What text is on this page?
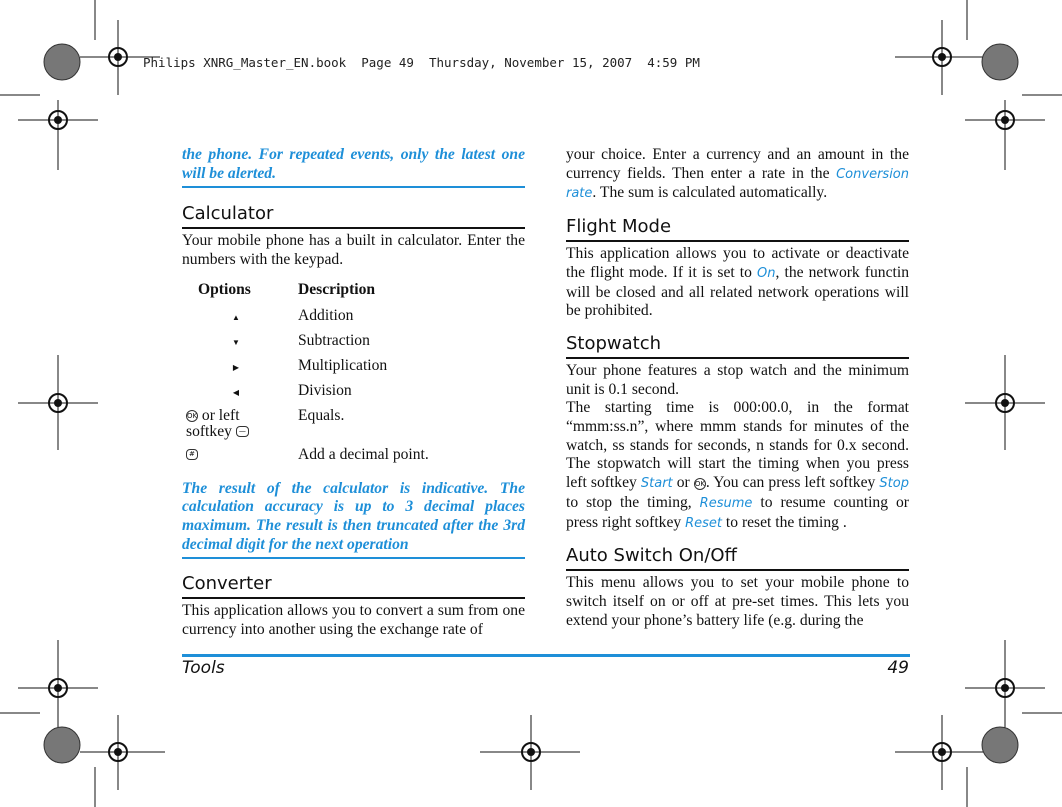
Philips XNRG_Master_EN.book  Page 49  Thursday, November 15, 2007  4:59 PM
the phone. For repeated events, only the latest one will be alerted.
Calculator

Your mobile phone has a built in calculator. Enter the numbers with the keypad.

Options	Description
▲	Addition
▼	Subtraction
▶	Multiplication
◀	Division
OK or left
softkey —	Equals.
#	Add a decimal point.
The result of the calculator is indicative. The calculation accuracy is up to 3 decimal places maximum. The result is then truncated after the 3rd decimal digit for the next operation
Converter

This application allows you to convert a sum from one currency into another using the exchange rate of

your choice. Enter a currency and an amount in the currency fields. Then enter a rate in the Conversion rate. The sum is calculated automatically.

Flight Mode

This application allows you to activate or deactivate the flight mode. If it is set to On, the network functin will be closed and all related network operations will be prohibited.

Stopwatch

Your phone features a stop watch and the minimum unit is 0.1 second.

The starting time is 000:00.0, in the format “mmm:ss.n”, where mmm stands for minutes of the watch, ss stands for seconds, n stands for 0.x second. The stopwatch will start the timing when you press left softkey Start or OK. You can press left softkey Stop to stop the timing, Resume to resume counting or press right softkey Reset to reset the timing .

Auto Switch On/Off

This menu allows you to set your mobile phone to switch itself on or off at pre-set times. This lets you extend your phone’s battery life (e.g. during the

Tools	49
